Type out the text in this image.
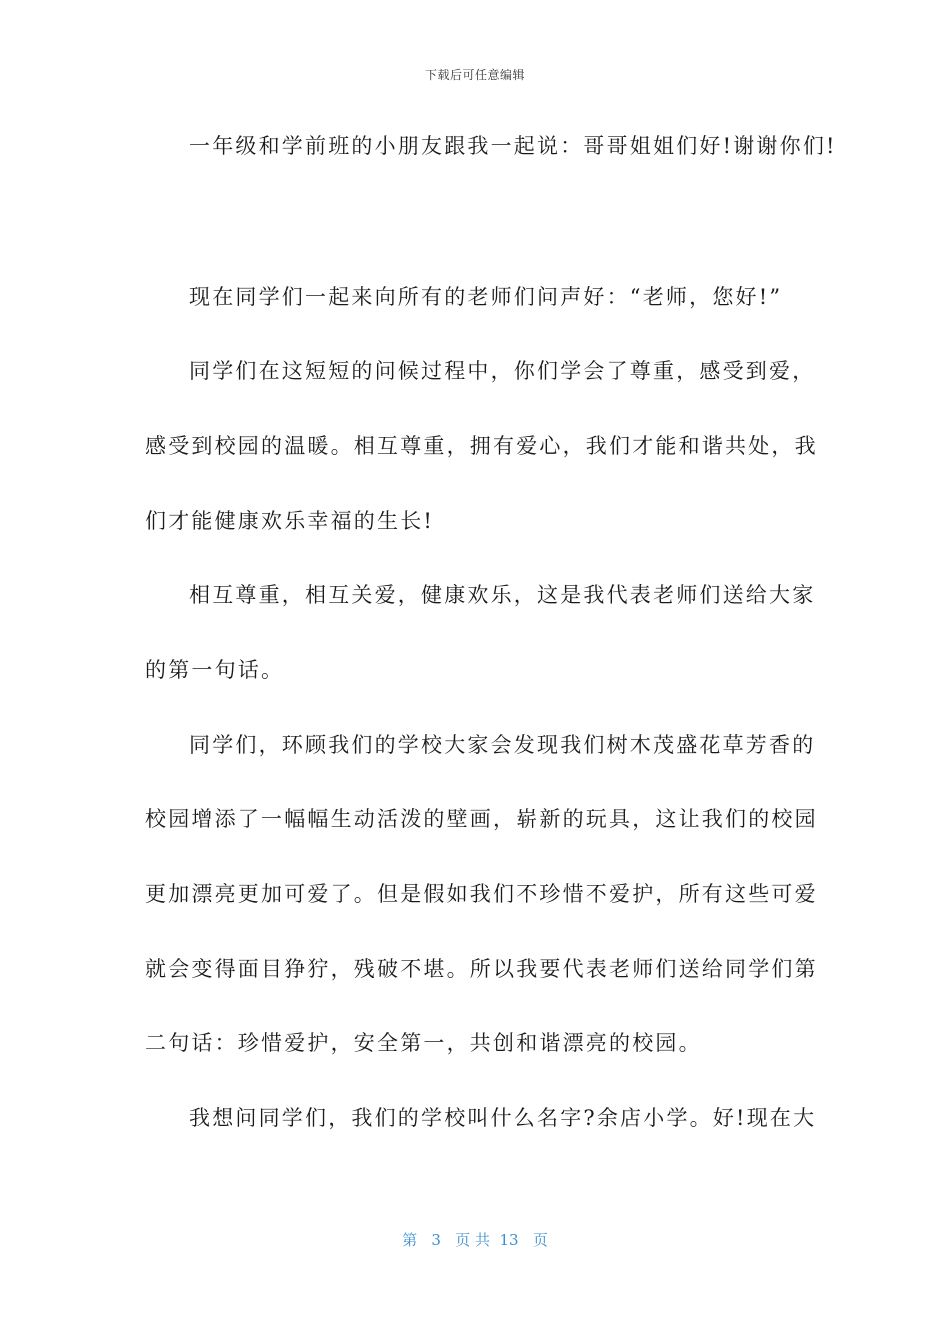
下载后可任意编辑
一年级和学前班的小朋友跟我一起说：哥哥姐姐们好!谢谢你们!
现在同学们一起来向所有的老师们问声好：“老师，您好!”
同学们在这短短的问候过程中，你们学会了尊重，感受到爱，
感受到校园的温暖。相互尊重，拥有爱心，我们才能和谐共处，我
们才能健康欢乐幸福的生长!
相互尊重，相互关爱，健康欢乐，这是我代表老师们送给大家
的第一句话。
同学们，环顾我们的学校大家会发现我们树木茂盛花草芳香的
校园增添了一幅幅生动活泼的壁画，崭新的玩具，这让我们的校园
更加漂亮更加可爱了。但是假如我们不珍惜不爱护，所有这些可爱
就会变得面目狰狞，残破不堪。所以我要代表老师们送给同学们第
二句话：珍惜爱护，安全第一，共创和谐漂亮的校园。
我想问同学们，我们的学校叫什么名字?余店小学。好!现在大
第   3   页 共  13   页
